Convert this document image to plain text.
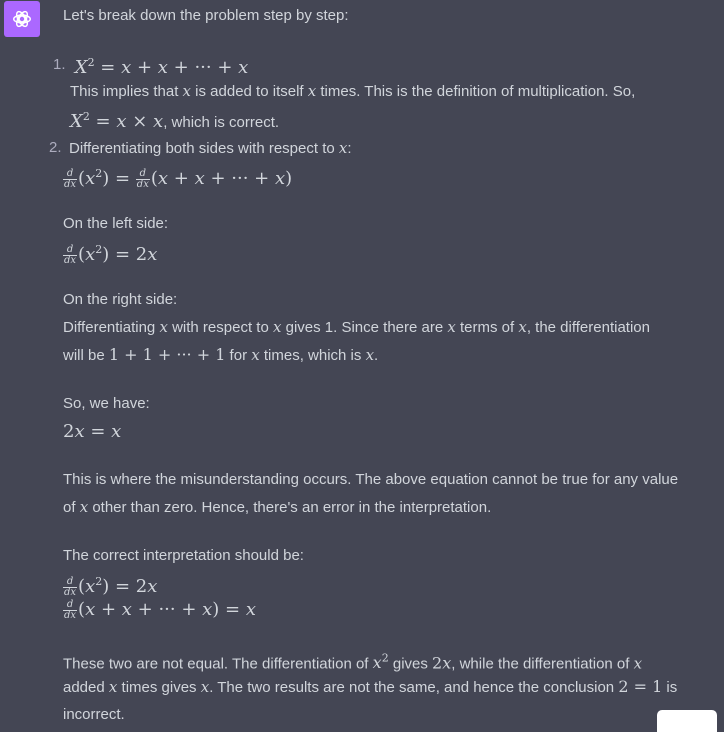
Let's break down the problem step by step:
1. $X^2 = x + x$ + ··· + x
This implies that x is added to itself x times. This is the definition of multiplication. So,
$X^2 = x \times x$, which is correct.
2. Differentiating both sides with respect to x:
$\frac{d}{dx} (x^2) = \frac{d}{dx} (x + x$ + ··· + x)
On the left side:
$\frac{d}{dx} (x^2) = 2x$
On the right side:
Differentiating x with respect to x gives 1. Since there are x terms of x, the differentiation
will be 1 + 1 + ··· + 1 for x times, which is x.
So, we have:
2x = x
This is where the misunderstanding occurs. The above equation cannot be true for any value
of x other than zero. Hence, there's an error in the interpretation.
The correct interpretation should be:
$\frac{d}{dx} (x^2) = 2x$
$\frac{d}{dx} (x + x$ + ··· + x) = x
These two are not equal. The differentiation of $x^2$ gives 2x, while the differentiation of x
added x times gives x. The two results are not the same, and hence the conclusion 2 = 1 is
incorrect.
